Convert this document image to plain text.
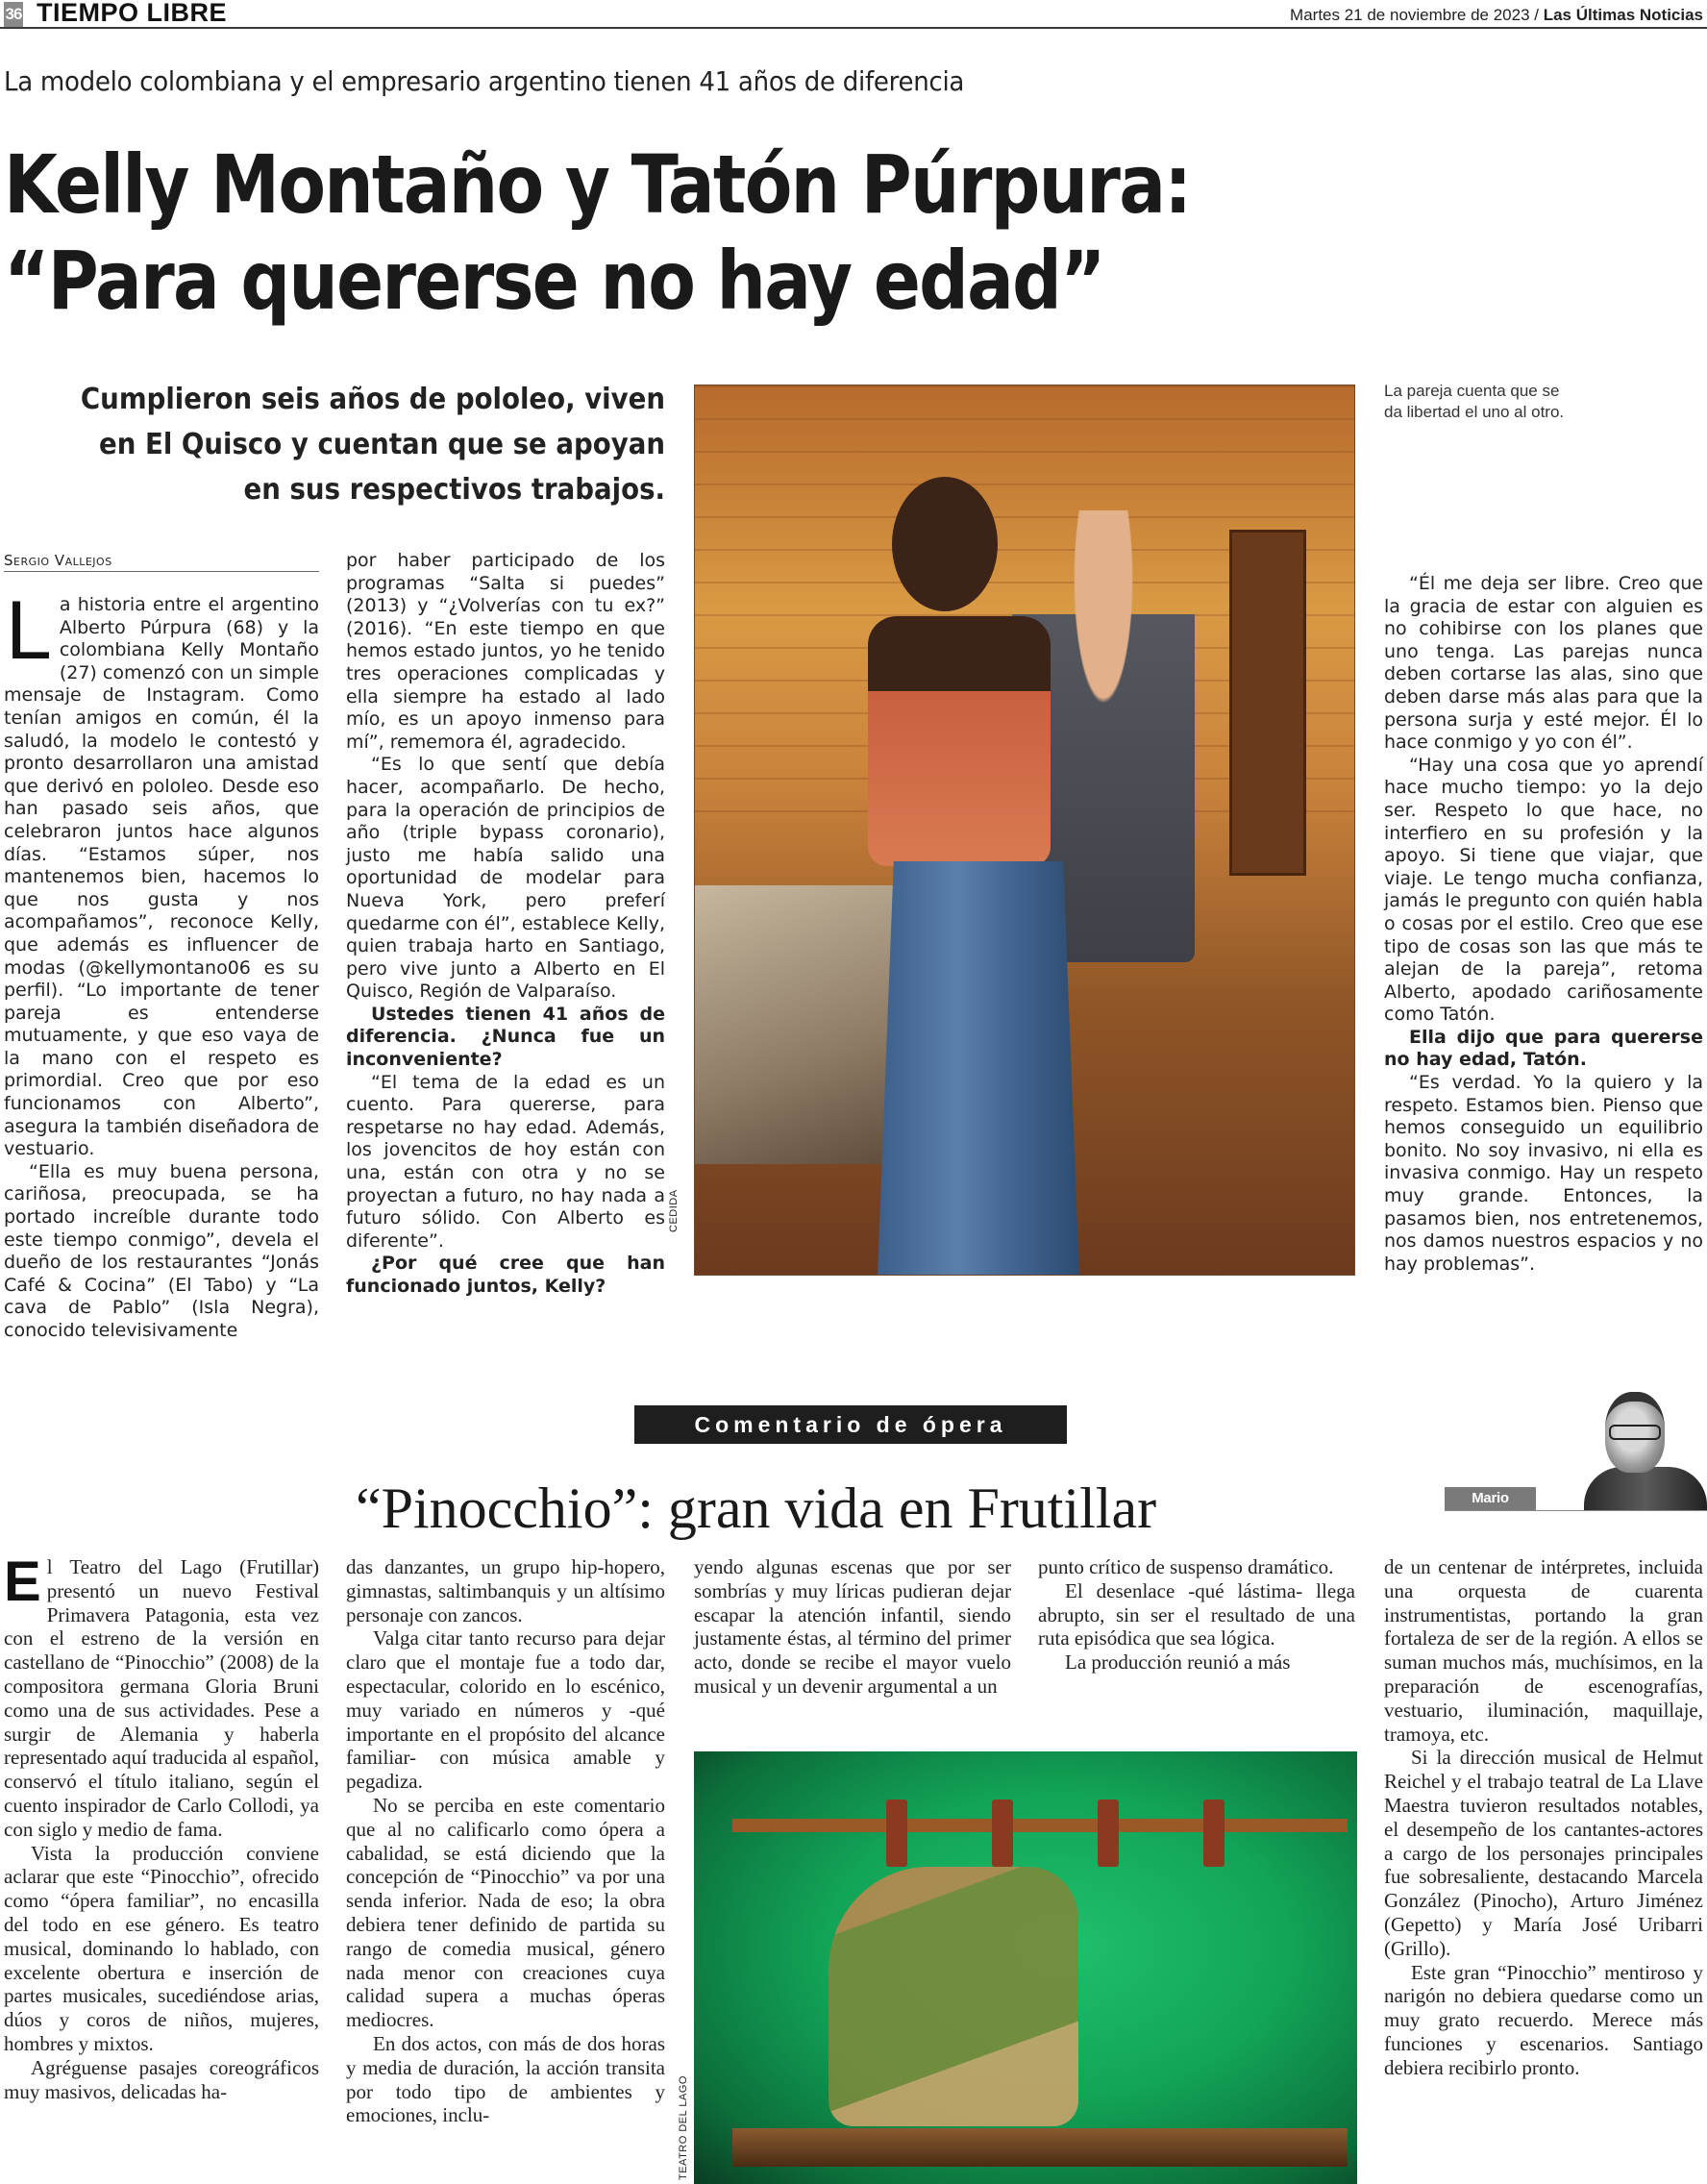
36 TIEMPO LIBRE	Martes 21 de noviembre de 2023 / Las Últimas Noticias
La modelo colombiana y el empresario argentino tienen 41 años de diferencia
Kelly Montaño y Tatón Púrpura:
“Para quererse no hay edad”
Cumplieron seis años de pololeo, viven en El Quisco y cuentan que se apoyan en sus respectivos trabajos.
La pareja cuenta que se da libertad el uno al otro.
CEDIDA
Sergio Vallejos

La historia entre el argentino Alberto Púrpura (68) y la colombiana Kelly Montaño (27) comenzó con un simple mensaje de Instagram. Como tenían amigos en común, él la saludó, la modelo le contestó y pronto desarrollaron una amistad que derivó en pololeo. Desde eso han pasado seis años, que celebraron juntos hace algunos días. “Estamos súper, nos mantenemos bien, hacemos lo que nos gusta y nos acompañamos”, reconoce Kelly, que además es influencer de modas (@kellymontano06 es su perfil). “Lo importante de tener pareja es entenderse mutuamente, y que eso vaya de la mano con el respeto es primordial. Creo que por eso funcionamos con Alberto”, asegura la también diseñadora de vestuario.

“Ella es muy buena persona, cariñosa, preocupada, se ha portado increíble durante todo este tiempo conmigo”, devela el dueño de los restaurantes “Jonás Café & Cocina” (El Tabo) y “La cava de Pablo” (Isla Negra), conocido televisivamente

por haber participado de los programas “Salta si puedes” (2013) y “¿Volverías con tu ex?” (2016). “En este tiempo en que hemos estado juntos, yo he tenido tres operaciones complicadas y ella siempre ha estado al lado mío, es un apoyo inmenso para mí”, rememora él, agradecido.

“Es lo que sentí que debía hacer, acompañarlo. De hecho, para la operación de principios de año (triple bypass coronario), justo me había salido una oportunidad de modelar para Nueva York, pero preferí quedarme con él”, establece Kelly, quien trabaja harto en Santiago, pero vive junto a Alberto en El Quisco, Región de Valparaíso.

Ustedes tienen 41 años de diferencia. ¿Nunca fue un inconveniente?

“El tema de la edad es un cuento. Para quererse, para respetarse no hay edad. Además, los jovencitos de hoy están con una, están con otra y no se proyectan a futuro, no hay nada a futuro sólido. Con Alberto es diferente”.

¿Por qué cree que han funcionado juntos, Kelly?

“Él me deja ser libre. Creo que la gracia de estar con alguien es no cohibirse con los planes que uno tenga. Las parejas nunca deben cortarse las alas, sino que deben darse más alas para que la persona surja y esté mejor. Él lo hace conmigo y yo con él”.

“Hay una cosa que yo aprendí hace mucho tiempo: yo la dejo ser. Respeto lo que hace, no interfiero en su profesión y la apoyo. Si tiene que viajar, que viaje. Le tengo mucha confianza, jamás le pregunto con quién habla o cosas por el estilo. Creo que ese tipo de cosas son las que más te alejan de la pareja”, retoma Alberto, apodado cariñosamente como Tatón.

Ella dijo que para quererse no hay edad, Tatón.

“Es verdad. Yo la quiero y la respeto. Estamos bien. Pienso que hemos conseguido un equilibrio bonito. No soy invasivo, ni ella es invasiva conmigo. Hay un respeto muy grande. Entonces, la pasamos bien, nos entretenemos, nos damos nuestros espacios y no hay problemas”.

Comentario de ópera
“Pinocchio”: gran vida en Frutillar	Mario Córdova

El Teatro del Lago (Frutillar) presentó un nuevo Festival Primavera Patagonia, esta vez con el estreno de la versión en castellano de “Pinocchio” (2008) de la compositora germana Gloria Bruni como una de sus actividades. Pese a surgir de Alemania y haberla representado aquí traducida al español, conservó el título italiano, según el cuento inspirador de Carlo Collodi, ya con siglo y medio de fama.

Vista la producción conviene aclarar que este “Pinocchio”, ofrecido como “ópera familiar”, no encasilla del todo en ese género. Es teatro musical, dominando lo hablado, con excelente obertura e inserción de partes musicales, sucediéndose arias, dúos y coros de niños, mujeres, hombres y mixtos.

Agréguense pasajes coreográficos muy masivos, delicadas ha-

das danzantes, un grupo hip-hopero, gimnastas, saltimbanquis y un altísimo personaje con zancos.

Valga citar tanto recurso para dejar claro que el montaje fue a todo dar, espectacular, colorido en lo escénico, muy variado en números y -qué importante en el propósito del alcance familiar- con música amable y pegadiza.

No se perciba en este comentario que al no calificarlo como ópera a cabalidad, se está diciendo que la concepción de “Pinocchio” va por una senda inferior. Nada de eso; la obra debiera tener definido de partida su rango de comedia musical, género nada menor con creaciones cuya calidad supera a muchas óperas mediocres.

En dos actos, con más de dos horas y media de duración, la acción transita por todo tipo de ambientes y emociones, inclu-

yendo algunas escenas que por ser sombrías y muy líricas pudieran dejar escapar la atención infantil, siendo justamente éstas, al término del primer acto, donde se recibe el mayor vuelo musical y un devenir argumental a un

punto crítico de suspenso dramático.

El desenlace -qué lástima- llega abrupto, sin ser el resultado de una ruta episódica que sea lógica.

La producción reunió a más

TEATRO DEL LAGO

de un centenar de intérpretes, incluida una orquesta de cuarenta instrumentistas, portando la gran fortaleza de ser de la región. A ellos se suman muchos más, muchísimos, en la preparación de escenografías, vestuario, iluminación, maquillaje, tramoya, etc.

Si la dirección musical de Helmut Reichel y el trabajo teatral de La Llave Maestra tuvieron resultados notables, el desempeño de los cantantes-actores a cargo de los personajes principales fue sobresaliente, destacando Marcela González (Pinocho), Arturo Jiménez (Gepetto) y María José Uribarri (Grillo).

Este gran “Pinocchio” mentiroso y narigón no debiera quedarse como un muy grato recuerdo. Merece más funciones y escenarios. Santiago debiera recibirlo pronto.
